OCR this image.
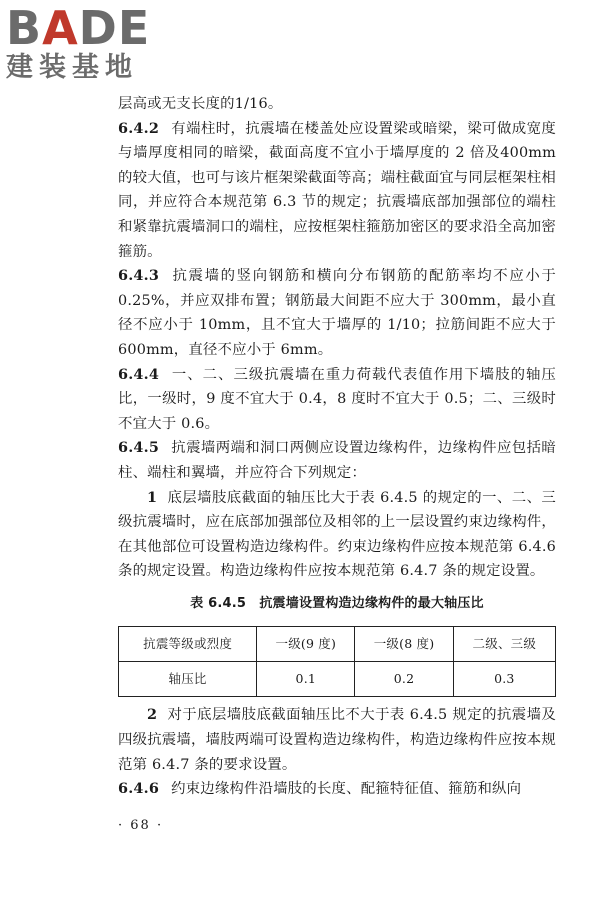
BADE
建装基地

层高或无支长度的1/16。

6.4.2 有端柱时，抗震墙在楼盖处应设置梁或暗梁，梁可做成宽度与墙厚度相同的暗梁，截面高度不宜小于墙厚度的 2 倍及400mm 的较大值，也可与该片框架梁截面等高；端柱截面宜与同层框架柱相同，并应符合本规范第 6.3 节的规定；抗震墙底部加强部位的端柱和紧靠抗震墙洞口的端柱，应按框架柱箍筋加密区的要求沿全高加密箍筋。

6.4.3 抗震墙的竖向钢筋和横向分布钢筋的配筋率均不应小于 0.25%，并应双排布置；钢筋最大间距不应大于 300mm，最小直径不应小于 10mm，且不宜大于墙厚的 1/10；拉筋间距不应大于 600mm，直径不应小于 6mm。

6.4.4 一、二、三级抗震墙在重力荷载代表值作用下墙肢的轴压比，一级时，9 度不宜大于 0.4，8 度时不宜大于 0.5；二、三级时不宜大于 0.6。

6.4.5 抗震墙两端和洞口两侧应设置边缘构件，边缘构件应包括暗柱、端柱和翼墙，并应符合下列规定：

1 底层墙肢底截面的轴压比大于表 6.4.5 的规定的一、二、三级抗震墙时，应在底部加强部位及相邻的上一层设置约束边缘构件，在其他部位可设置构造边缘构件。约束边缘构件应按本规范第 6.4.6 条的规定设置。构造边缘构件应按本规范第 6.4.7 条的规定设置。

表 6.4.5　抗震墙设置构造边缘构件的最大轴压比
抗震等级或烈度	一级(9 度)	一级(8 度)	二级、三级
轴压比	0.1	0.2	0.3

2 对于底层墙肢底截面轴压比不大于表 6.4.5 规定的抗震墙及四级抗震墙，墙肢两端可设置构造边缘构件，构造边缘构件应按本规范第 6.4.7 条的要求设置。

6.4.6 约束边缘构件沿墙肢的长度、配箍特征值、箍筋和纵向

· 68 ·
